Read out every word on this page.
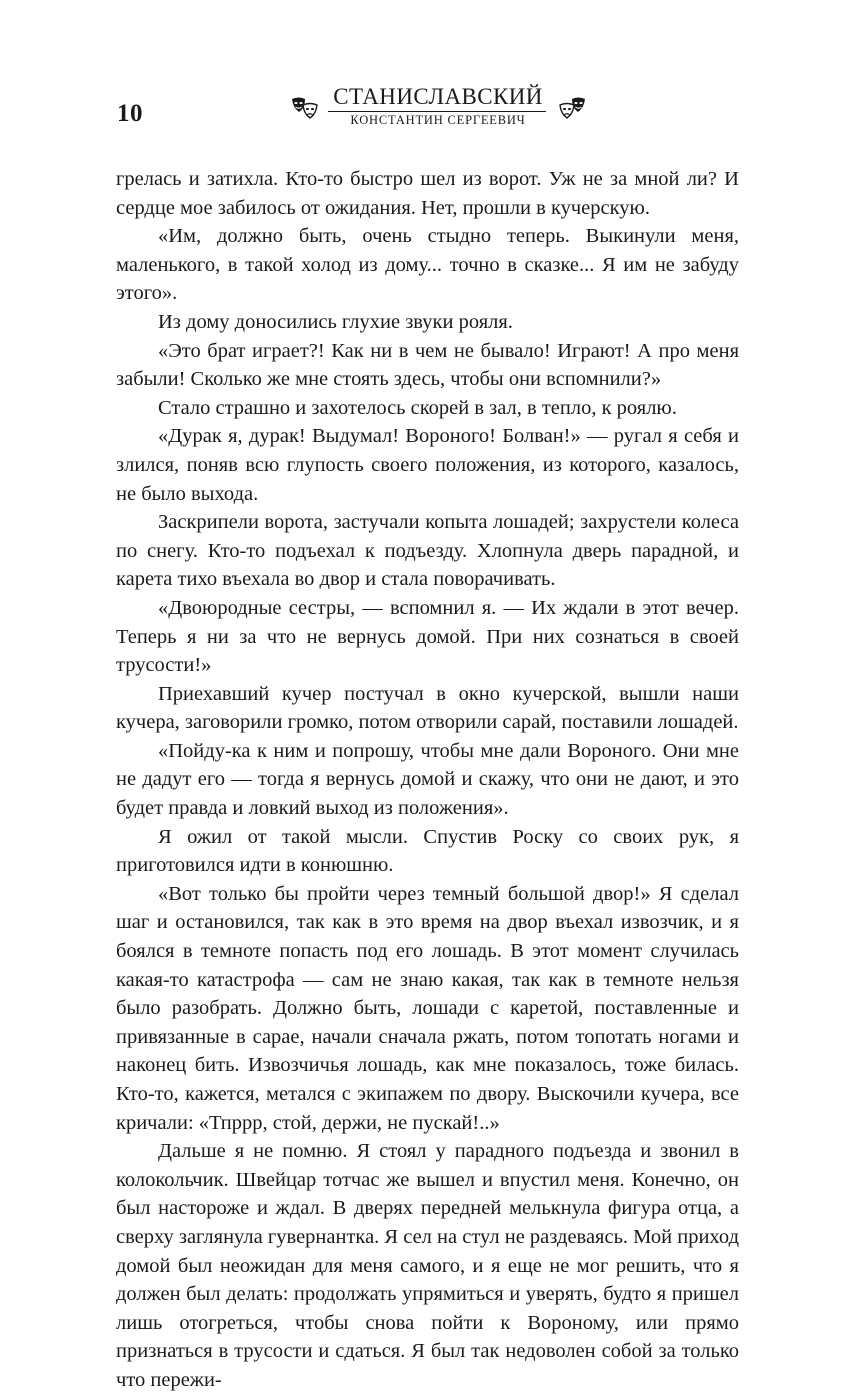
10
СТАНИСЛАВСКИЙ
КОНСТАНТИН СЕРГЕЕВИЧ

грелась и затихла. Кто-то быстро шел из ворот. Уж не за мной ли? И сердце мое забилось от ожидания. Нет, прошли в кучерскую.

«Им, должно быть, очень стыдно теперь. Выкинули меня, маленького, в такой холод из дому... точно в сказке... Я им не забуду этого».

Из дому доносились глухие звуки рояля.

«Это брат играет?! Как ни в чем не бывало! Играют! А про меня забыли! Сколько же мне стоять здесь, чтобы они вспомнили?»

Стало страшно и захотелось скорей в зал, в тепло, к роялю.

«Дурак я, дурак! Выдумал! Вороного! Болван!» — ругал я себя и злился, поняв всю глупость своего положения, из которого, казалось, не было выхода.

Заскрипели ворота, застучали копыта лошадей; захрустели колеса по снегу. Кто-то подъехал к подъезду. Хлопнула дверь парадной, и карета тихо въехала во двор и стала поворачивать.

«Двоюродные сестры, — вспомнил я. — Их ждали в этот вечер. Теперь я ни за что не вернусь домой. При них сознаться в своей трусости!»

Приехавший кучер постучал в окно кучерской, вышли наши кучера, заговорили громко, потом отворили сарай, поставили лошадей.

«Пойду-ка к ним и попрошу, чтобы мне дали Вороного. Они мне не дадут его — тогда я вернусь домой и скажу, что они не дают, и это будет правда и ловкий выход из положения».

Я ожил от такой мысли. Спустив Роску со своих рук, я приготовился идти в конюшню.

«Вот только бы пройти через темный большой двор!» Я сделал шаг и остановился, так как в это время на двор въехал извозчик, и я боялся в темноте попасть под его лошадь. В этот момент случилась какая-то катастрофа — сам не знаю какая, так как в темноте нельзя было разобрать. Должно быть, лошади с каретой, поставленные и привязанные в сарае, начали сначала ржать, потом топотать ногами и наконец бить. Извозчичья лошадь, как мне показалось, тоже билась. Кто-то, кажется, метался с экипажем по двору. Выскочили кучера, все кричали: «Тпррр, стой, держи, не пускай!..»

Дальше я не помню. Я стоял у парадного подъезда и звонил в колокольчик. Швейцар тотчас же вышел и впустил меня. Конечно, он был настороже и ждал. В дверях передней мелькнула фигура отца, а сверху заглянула гувернантка. Я сел на стул не раздеваясь. Мой приход домой был неожидан для меня самого, и я еще не мог решить, что я должен был делать: продолжать упрямиться и уверять, будто я пришел лишь отогреться, чтобы снова пойти к Вороному, или прямо признаться в трусости и сдаться. Я был так недоволен собой за только что пережи-
